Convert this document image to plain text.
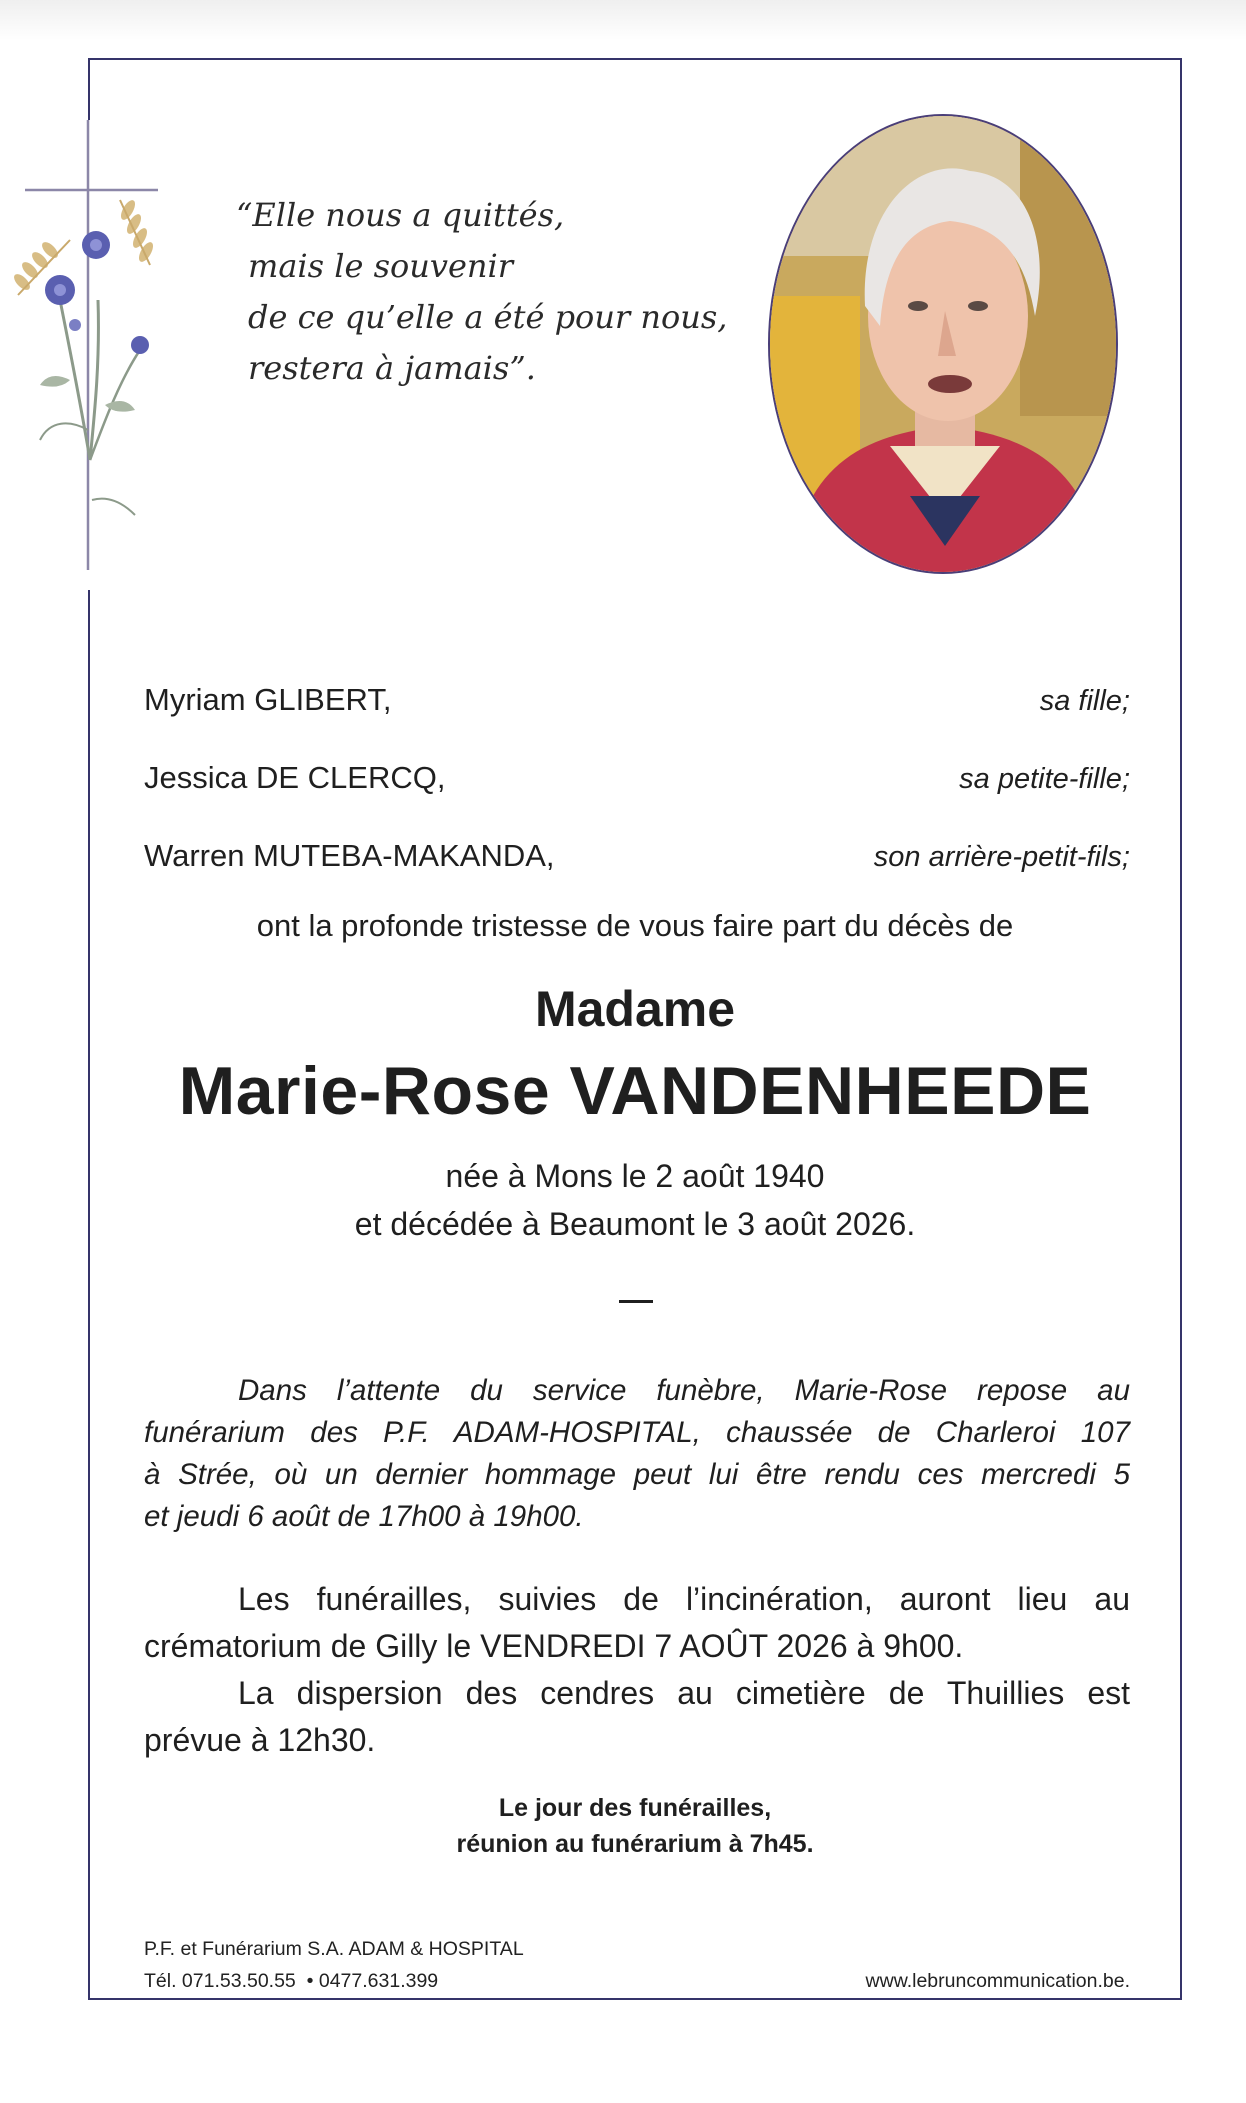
“Elle nous a quittés,
mais le souvenir
de ce qu’elle a été pour nous,
restera à jamais”.
Myriam GLIBERT,	sa fille;
Jessica DE CLERCQ,	sa petite-fille;
Warren MUTEBA-MAKANDA,	son arrière-petit-fils;
ont la profonde tristesse de vous faire part du décès de
Madame
Marie-Rose VANDENHEEDE
née à Mons le 2 août 1940
et décédée à Beaumont le 3 août 2026.
Dans l’attente du service funèbre, Marie-Rose repose au
funérarium des P.F. ADAM-HOSPITAL, chaussée de Charleroi 107
à Strée, où un dernier hommage peut lui être rendu ces mercredi 5
et jeudi 6 août de 17h00 à 19h00.
Les funérailles, suivies de l’incinération, auront lieu au
crématorium de Gilly le VENDREDI 7 AOÛT 2026 à 9h00.
La dispersion des cendres au cimetière de Thuillies est
prévue à 12h30.
Le jour des funérailles,
réunion au funérarium à 7h45.
P.F. et Funérarium S.A. ADAM & HOSPITAL
Tél. 071.53.50.55  • 0477.631.399	www.lebruncommunication.be.
